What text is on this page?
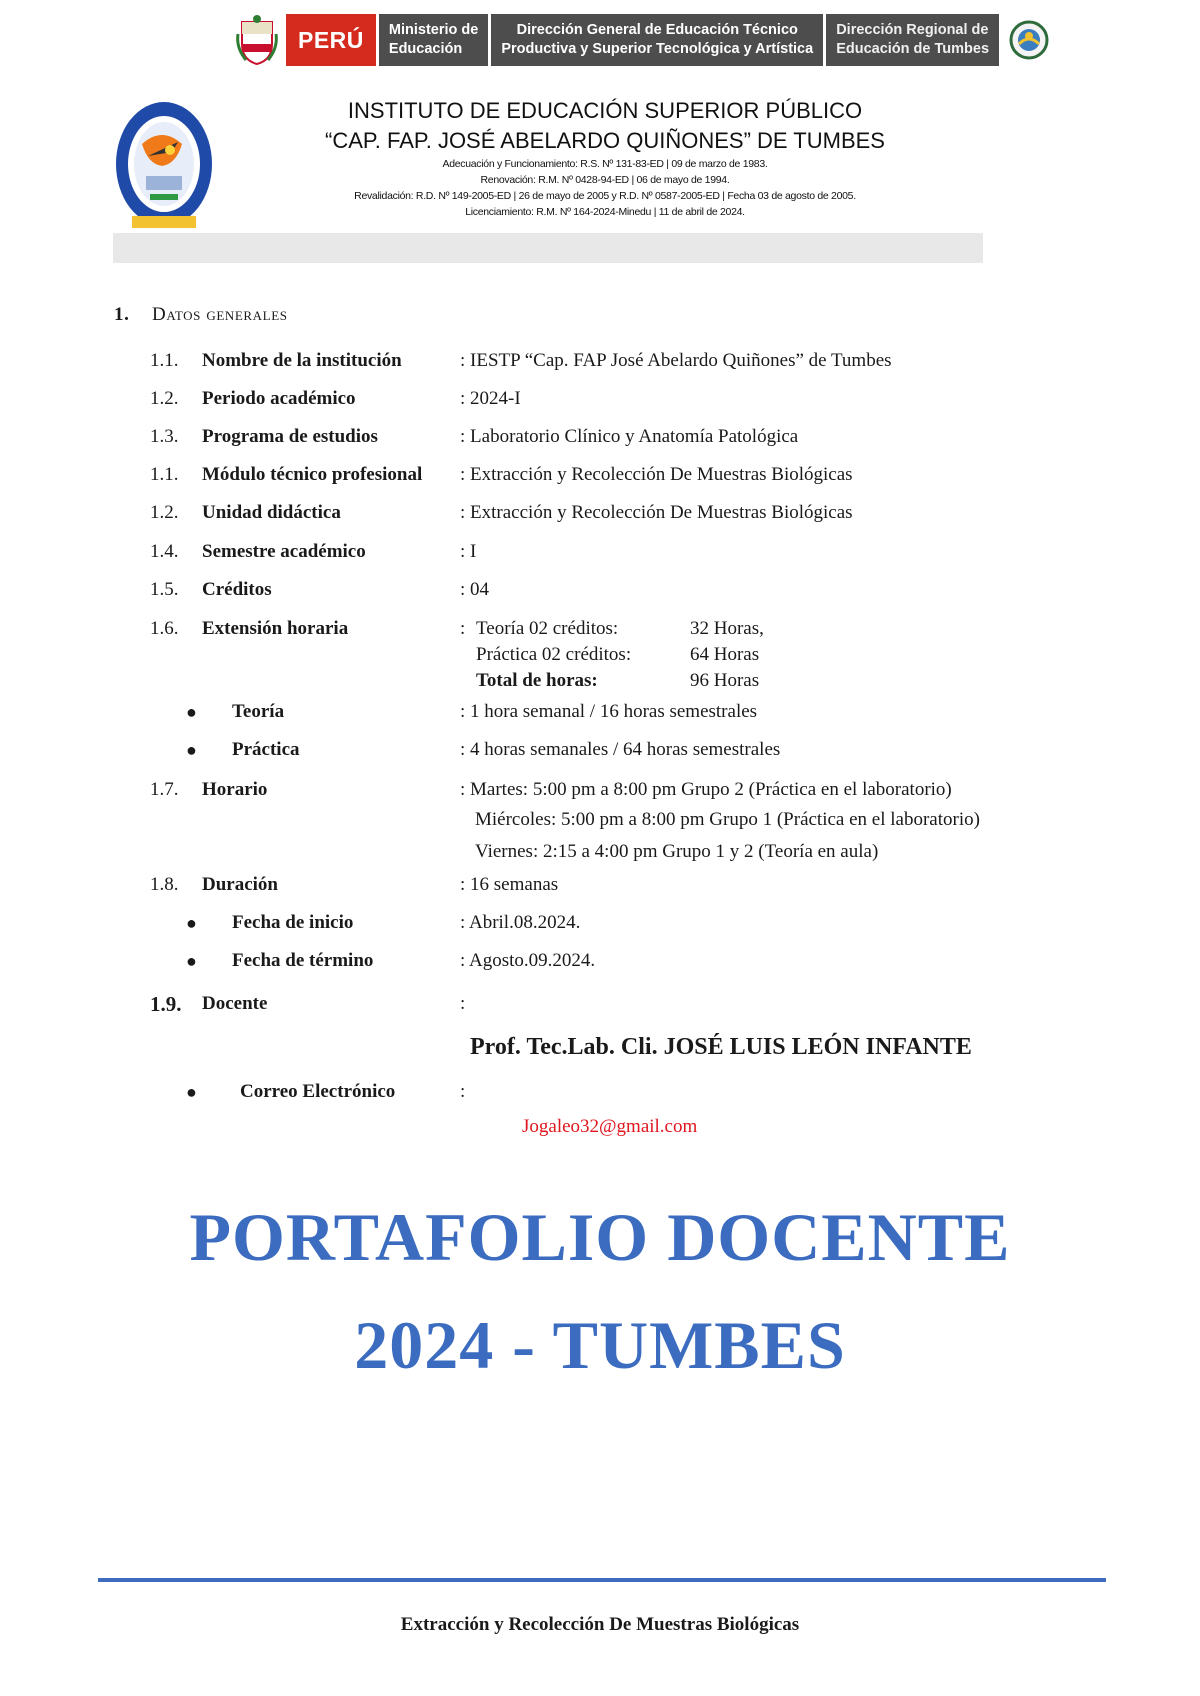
PERÚ	Ministerio de
Educación
Dirección General de Educación Técnico
Productiva y Superior Tecnológica y Artística
Dirección Regional de
Educación de Tumbes
INSTITUTO DE EDUCACIÓN SUPERIOR PÚBLICO
“CAP. FAP. JOSÉ ABELARDO QUIÑONES” DE TUMBES
Adecuación y Funcionamiento: R.S. Nº 131-83-ED | 09 de marzo de 1983.
Renovación: R.M. Nº 0428-94-ED | 06 de mayo de 1994.
Revalidación: R.D. Nº 149-2005-ED | 26 de mayo de 2005 y R.D. Nº 0587-2005-ED | Fecha 03 de agosto de 2005.
Licenciamiento: R.M. Nº 164-2024-Minedu | 11 de abril de 2024.
1. Datos generales
1.1. Nombre de la institución	: IESTP “Cap. FAP José Abelardo Quiñones” de Tumbes
1.2. Periodo académico	: 2024-I
1.3. Programa de estudios	: Laboratorio Clínico y Anatomía Patológica
1.1. Módulo técnico profesional : Extracción y Recolección De Muestras Biológicas
1.2. Unidad didáctica	: Extracción y Recolección De Muestras Biológicas
1.4. Semestre académico	: I
1.5. Créditos	: 04
1.6. Extensión horaria	: Teoría 02 créditos:	32 Horas,
Práctica 02 créditos:	64 Horas
Total de horas:	96 Horas
● Teoría	: 1 hora semanal / 16 horas semestrales
● Práctica	: 4 horas semanales / 64 horas semestrales
1.7. Horario	: Martes: 5:00 pm a 8:00 pm Grupo 2 (Práctica en el laboratorio)
Miércoles: 5:00 pm a 8:00 pm Grupo 1 (Práctica en el laboratorio)
Viernes: 2:15 a 4:00 pm Grupo 1 y 2 (Teoría en aula)
1.8. Duración	: 16 semanas
● Fecha de inicio	: Abril.08.2024.
● Fecha de término	: Agosto.09.2024.
1.9. Docente	:
Prof. Tec.Lab. Cli. JOSÉ LUIS LEÓN INFANTE
● Correo Electrónico	:
Jogaleo32@gmail.com
PORTAFOLIO DOCENTE
2024 - TUMBES
Extracción y Recolección De Muestras Biológicas
